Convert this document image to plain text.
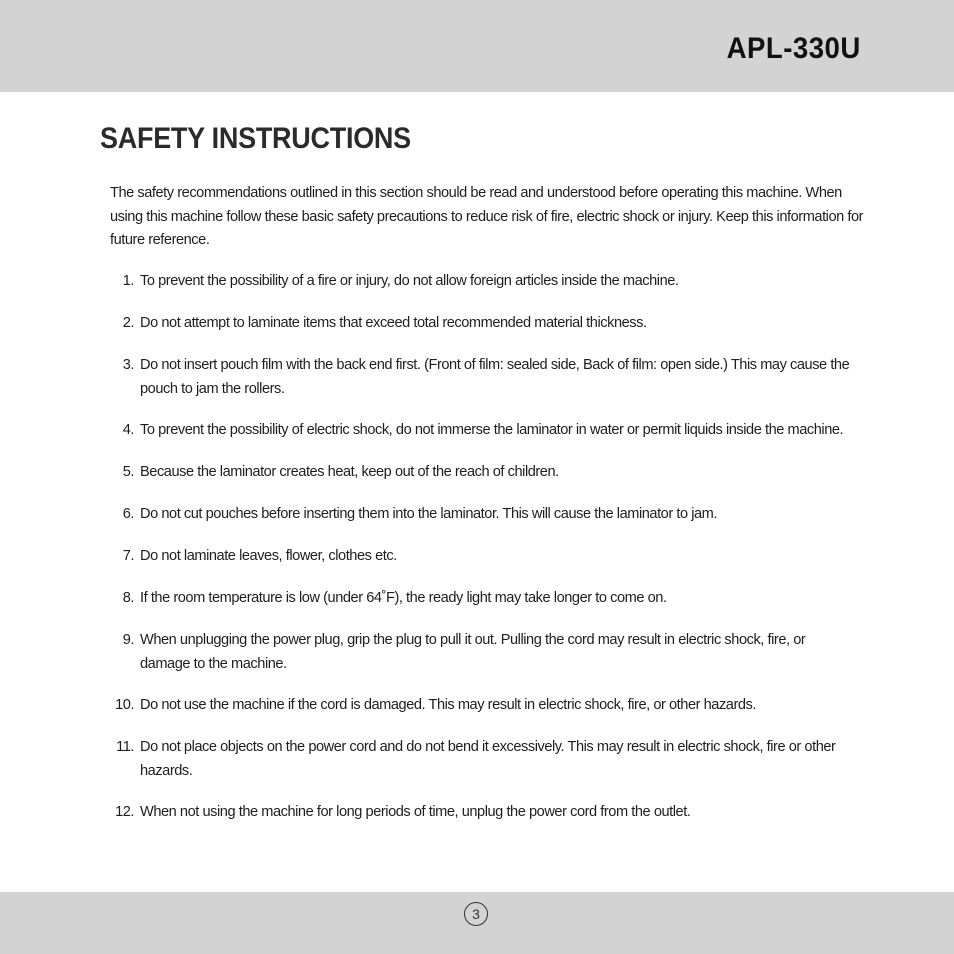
APL-330U
SAFETY INSTRUCTIONS

The safety recommendations outlined in this section should be read and understood before operating this machine. When using this machine follow these basic safety precautions to reduce risk of fire, electric shock or injury. Keep this information for future reference.

1. To prevent the possibility of a fire or injury, do not allow foreign articles inside the machine.
2. Do not attempt to laminate items that exceed total recommended material thickness.
3. Do not insert pouch film with the back end first. (Front of film: sealed side, Back of film: open side.) This may cause the pouch to jam the rollers.
4. To prevent the possibility of electric shock, do not immerse the laminator in water or permit liquids inside the machine.
5. Because the laminator creates heat, keep out of the reach of children.
6. Do not cut pouches before inserting them into the laminator. This will cause the laminator to jam.
7. Do not laminate leaves, flower, clothes etc.
8. If the room temperature is low (under 64˚F), the ready light may take longer to come on.
9. When unplugging the power plug, grip the plug to pull it out. Pulling the cord may result in electric shock, fire, or damage to the machine.
10. Do not use the machine if the cord is damaged. This may result in electric shock, fire, or other hazards.
11. Do not place objects on the power cord and do not bend it excessively. This may result in electric shock, fire or other hazards.
12. When not using the machine for long periods of time, unplug the power cord from the outlet.
3
